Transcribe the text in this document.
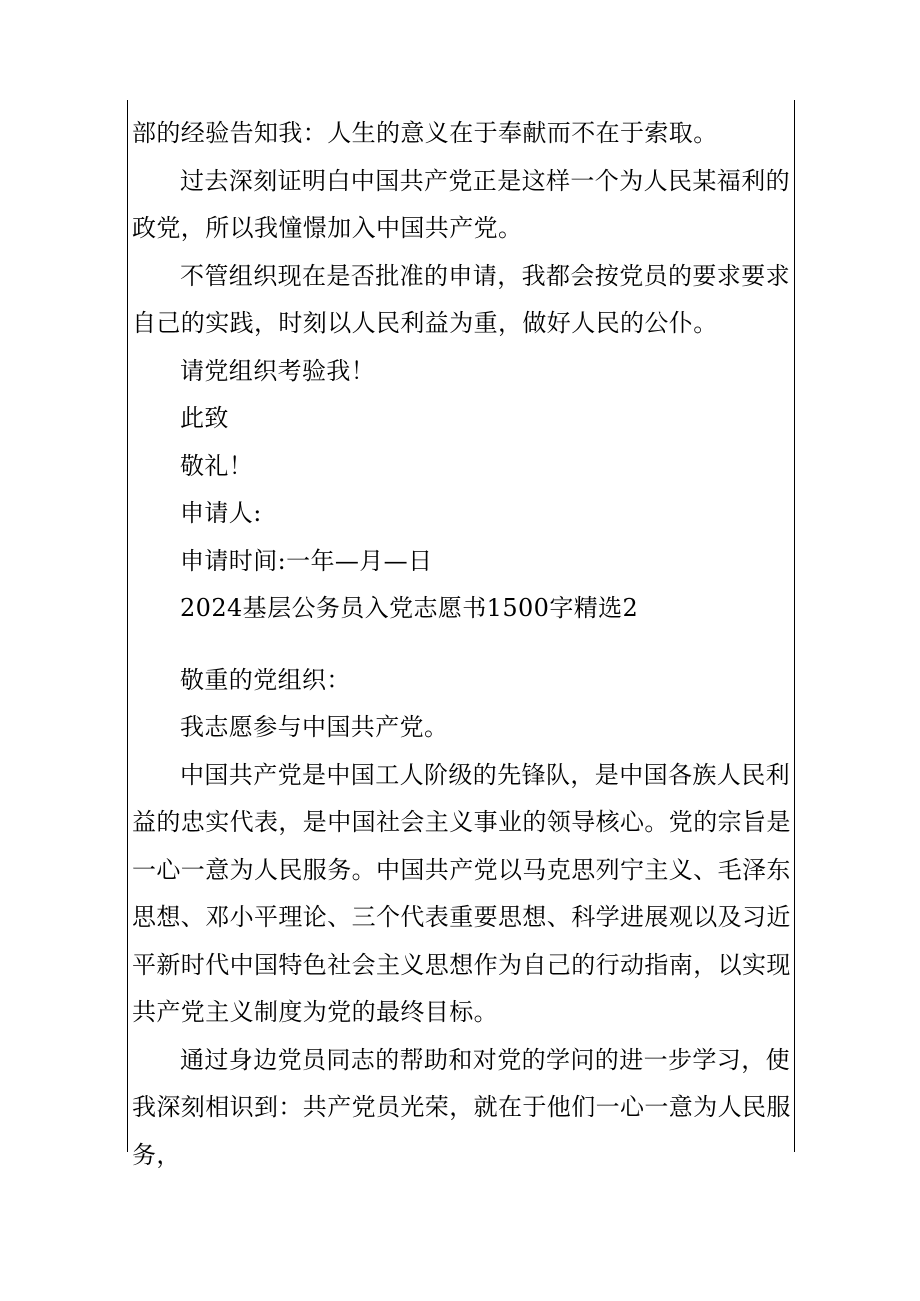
部的经验告知我：人生的意义在于奉献而不在于索取。

过去深刻证明白中国共产党正是这样一个为人民某福利的政党，所以我憧憬加入中国共产党。

不管组织现在是否批准的申请，我都会按党员的要求要求自己的实践，时刻以人民利益为重，做好人民的公仆。

请党组织考验我！

此致

敬礼！

申请人:

申请时间:一年—月—日

2024基层公务员入党志愿书1500字精选2

敬重的党组织：

我志愿参与中国共产党。

中国共产党是中国工人阶级的先锋队，是中国各族人民利益的忠实代表，是中国社会主义事业的领导核心。党的宗旨是一心一意为人民服务。中国共产党以马克思列宁主义、毛泽东思想、邓小平理论、三个代表重要思想、科学进展观以及习近平新时代中国特色社会主义思想作为自己的行动指南，以实现共产党主义制度为党的最终目标。

通过身边党员同志的帮助和对党的学问的进一步学习，使我深刻相识到：共产党员光荣，就在于他们一心一意为人民服务，
